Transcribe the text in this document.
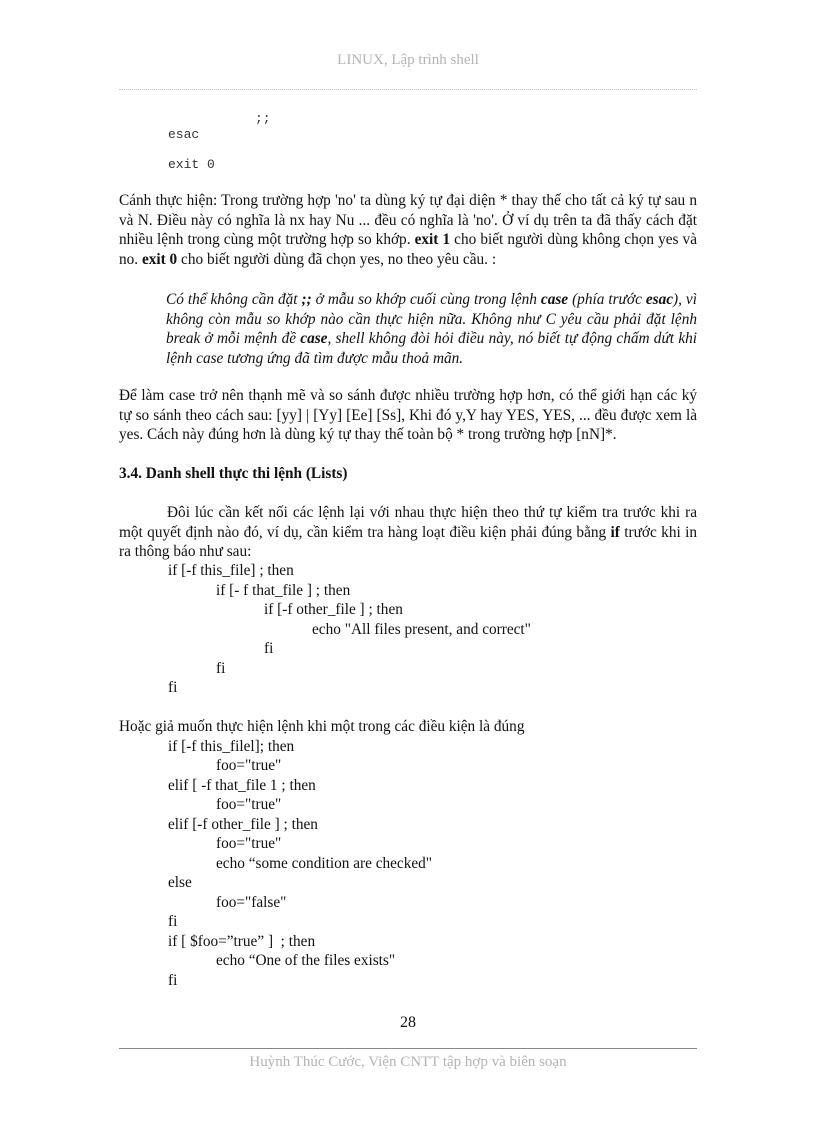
LINUX, Lập trình shell
;;
esac
exit 0
Cánh thực hiện: Trong trường hợp 'no' ta dùng ký tự đại diện * thay thế cho tất cả ký tự sau n và N. Điều này có nghĩa là nx hay Nu ... đều có nghĩa là 'no'. Ở ví dụ trên ta đã thấy cách đặt nhiều lệnh trong cùng một trường hợp so khớp. exit 1 cho biết người dùng không chọn yes và no. exit 0 cho biết người dùng đã chọn yes, no theo yêu cầu. :
Có thể không cần đặt ;; ở mẫu so khớp cuối cùng trong lệnh case (phía trước esac), vì không còn mẫu so khớp nào cần thực hiện nữa. Không như C yêu cầu phải đặt lệnh break ở mỗi mệnh đề case, shell không đòi hỏi điều này, nó biết tự động chấm dứt khi lệnh case tương ứng đã tìm được mẫu thoả mãn.
Để làm case trở nên thạnh mẽ và so sánh được nhiều trường hợp hơn, có thể giới hạn các ký tự so sánh theo cách sau: [yy] | [Yy] [Ee] [Ss], Khi đó y,Y hay YES, YES, ... đều được xem là yes. Cách này đúng hơn là dùng ký tự thay thế toàn bộ * trong trường hợp [nN]*.
3.4. Danh shell thực thi lệnh (Lists)
Đôi lúc cần kết nối các lệnh lại với nhau thực hiện theo thứ tự kiểm tra trước khi ra một quyết định nào đó, ví dụ, cần kiểm tra hàng loạt điều kiện phải đúng bằng if trước khi in ra thông báo như sau:
if [-f this_file] ; then
if [- f that_file ] ; then
if [-f other_file ] ; then
echo "All files present, and correct"
fi
fi
fi
Hoặc giả muốn thực hiện lệnh khi một trong các điều kiện là đúng
if [-f this_filel]; then
foo="true"
elif [ -f that_file 1 ; then
foo="true"
elif [-f other_file ] ; then
foo="true"
echo “some condition are checked"
else
foo="false"
fi
if [ $foo=”true” ]  ; then
echo “One of the files exists"
fi
28
Huỳnh Thúc Cước, Viện CNTT tập hợp và biên soạn
